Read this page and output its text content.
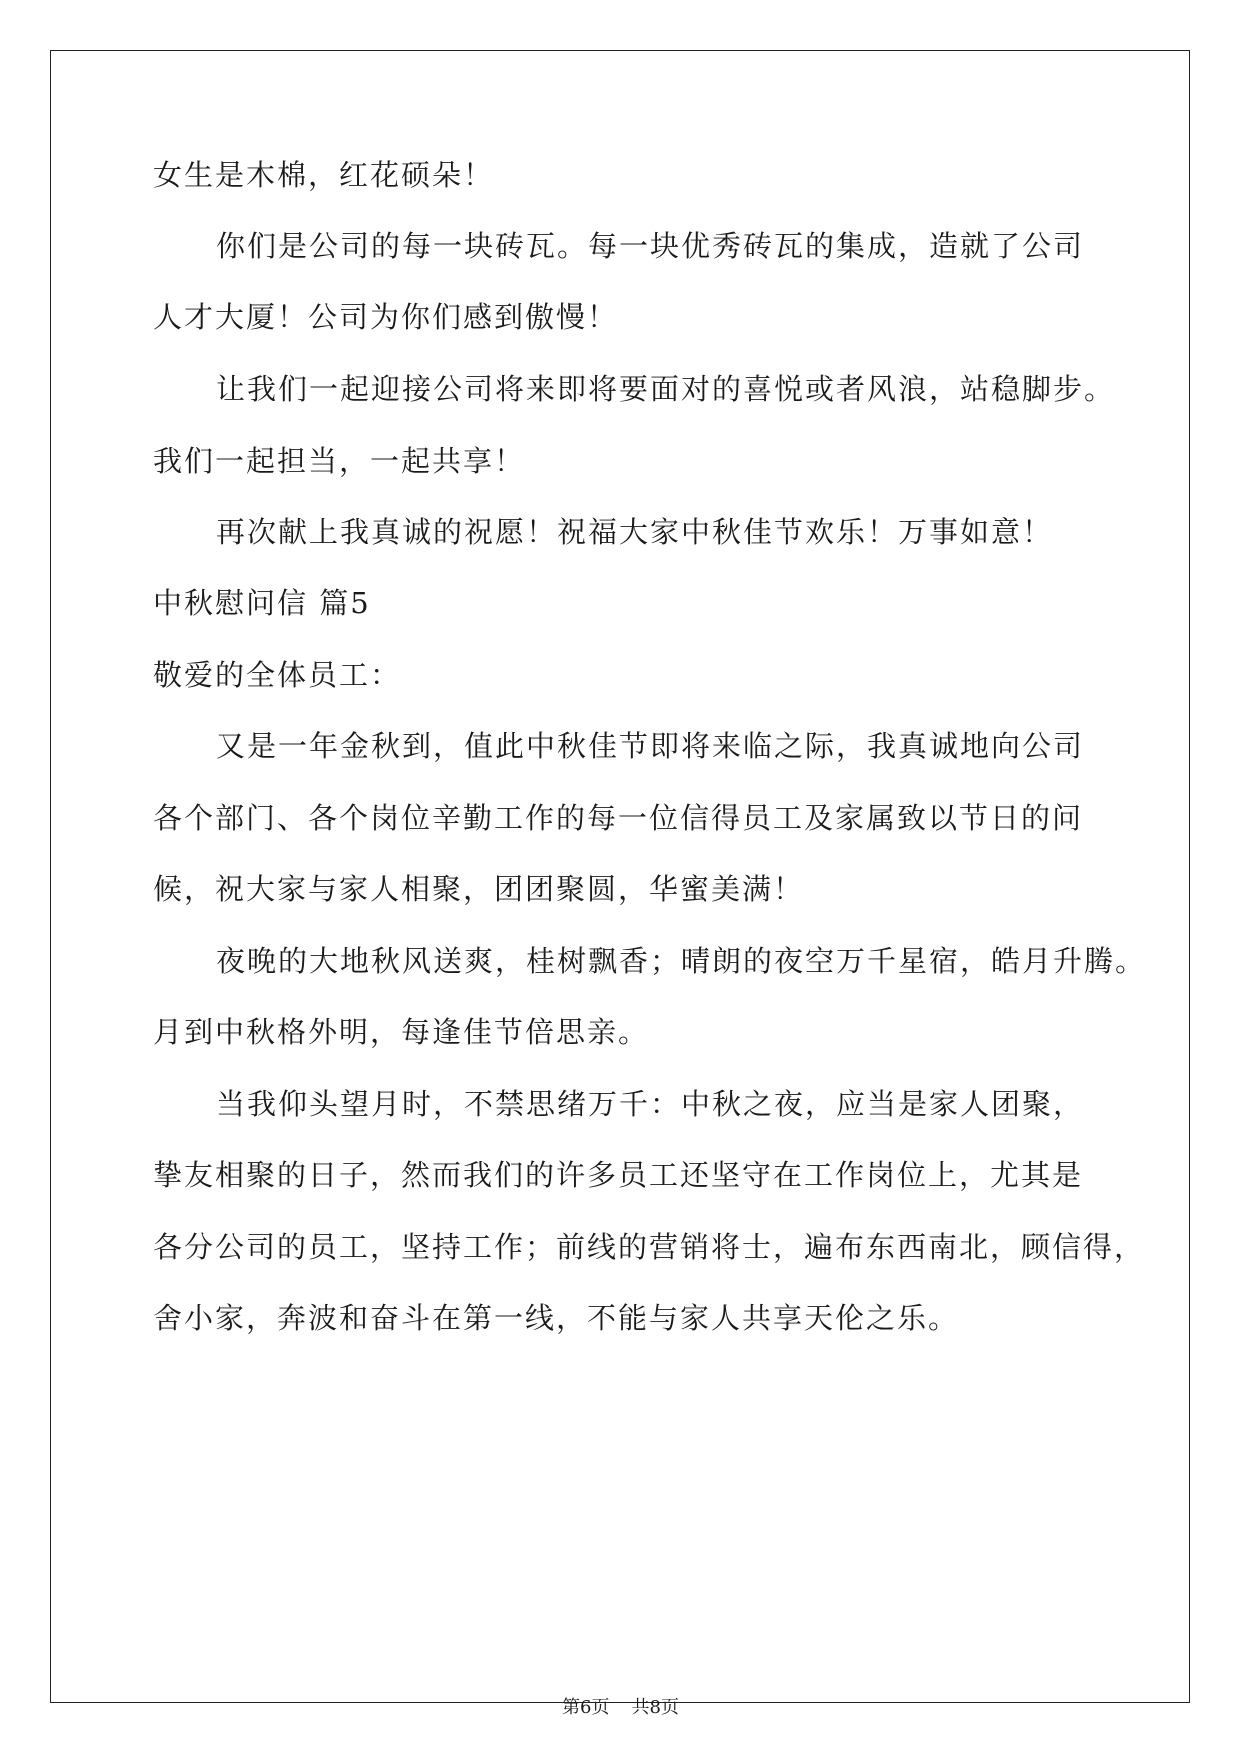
女生是木棉，红花硕朵！
你们是公司的每一块砖瓦。每一块优秀砖瓦的集成，造就了公司
人才大厦！公司为你们感到傲慢！
让我们一起迎接公司将来即将要面对的喜悦或者风浪，站稳脚步。
我们一起担当，一起共享！
再次献上我真诚的祝愿！祝福大家中秋佳节欢乐！万事如意！
中秋慰问信 篇5
敬爱的全体员工：
又是一年金秋到，值此中秋佳节即将来临之际，我真诚地向公司
各个部门、各个岗位辛勤工作的每一位信得员工及家属致以节日的问
候，祝大家与家人相聚，团团聚圆，华蜜美满！
夜晚的大地秋风送爽，桂树飘香；晴朗的夜空万千星宿，皓月升腾。
月到中秋格外明，每逢佳节倍思亲。
当我仰头望月时，不禁思绪万千：中秋之夜，应当是家人团聚，
挚友相聚的日子，然而我们的许多员工还坚守在工作岗位上，尤其是
各分公司的员工，坚持工作；前线的营销将士，遍布东西南北，顾信得，
舍小家，奔波和奋斗在第一线，不能与家人共享天伦之乐。
第6页 共8页
